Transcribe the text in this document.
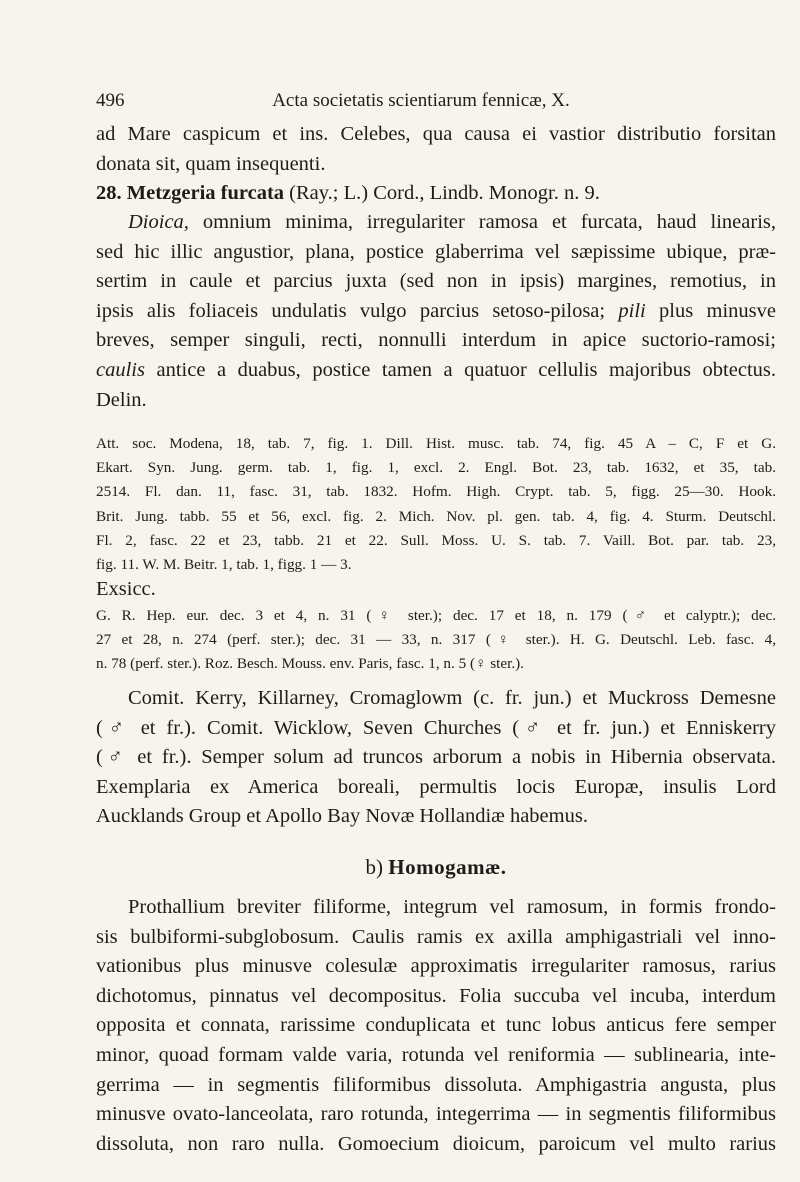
496	Acta societatis scientiarum fennicæ, X.
ad Mare caspicum et ins. Celebes, qua causa ei vastior distributio forsitan
donata sit, quam insequenti.
28. Metzgeria furcata (Ray.; L.) Cord., Lindb. Monogr. n. 9.
Dioica, omnium minima, irregulariter ramosa et furcata, haud linearis,
sed hic illic angustior, plana, postice glaberrima vel sæpissime ubique, præ-
sertim in caule et parcius juxta (sed non in ipsis) margines, remotius, in
ipsis alis foliaceis undulatis vulgo parcius setoso-pilosa; pili plus minusve
breves, semper singuli, recti, nonnulli interdum in apice suctorio-ramosi;
caulis antice a duabus, postice tamen a quatuor cellulis majoribus obtectus.
Delin.
Att. soc. Modena, 18, tab. 7, fig. 1. Dill. Hist. musc. tab. 74, fig. 45 A – C, F et G.
Ekart. Syn. Jung. germ. tab. 1, fig. 1, excl. 2. Engl. Bot. 23, tab. 1632, et 35, tab.
2514. Fl. dan. 11, fasc. 31, tab. 1832. Hofm. High. Crypt. tab. 5, figg. 25—30. Hook.
Brit. Jung. tabb. 55 et 56, excl. fig. 2. Mich. Nov. pl. gen. tab. 4, fig. 4. Sturm. Deutschl.
Fl. 2, fasc. 22 et 23, tabb. 21 et 22. Sull. Moss. U. S. tab. 7. Vaill. Bot. par. tab. 23,
fig. 11. W. M. Beitr. 1, tab. 1, figg. 1 — 3.
Exsicc.
G. R. Hep. eur. dec. 3 et 4, n. 31 (♀ ster.); dec. 17 et 18, n. 179 (♂ et calyptr.); dec.
27 et 28, n. 274 (perf. ster.); dec. 31 — 33, n. 317 (♀ ster.). H. G. Deutschl. Leb. fasc. 4,
n. 78 (perf. ster.). Roz. Besch. Mouss. env. Paris, fasc. 1, n. 5 (♀ ster.).
Comit. Kerry, Killarney, Cromaglowm (c. fr. jun.) et Muckross Demesne
(♂ et fr.). Comit. Wicklow, Seven Churches (♂ et fr. jun.) et Enniskerry
(♂ et fr.). Semper solum ad truncos arborum a nobis in Hibernia observata.
Exemplaria ex America boreali, permultis locis Europæ, insulis Lord
Aucklands Group et Apollo Bay Novæ Hollandiæ habemus.
b) Homogamæ.
Prothallium breviter filiforme, integrum vel ramosum, in formis frondo-
sis bulbiformi-subglobosum. Caulis ramis ex axilla amphigastriali vel inno-
vationibus plus minusve colesulæ approximatis irregulariter ramosus, rarius
dichotomus, pinnatus vel decompositus. Folia succuba vel incuba, interdum
opposita et connata, rarissime conduplicata et tunc lobus anticus fere semper
minor, quoad formam valde varia, rotunda vel reniformia — sublinearia, inte-
gerrima — in segmentis filiformibus dissoluta. Amphigastria angusta, plus
minusve ovato-lanceolata, raro rotunda, integerrima — in segmentis filiformibus
dissoluta, non raro nulla. Gomoecium dioicum, paroicum vel multo rarius
